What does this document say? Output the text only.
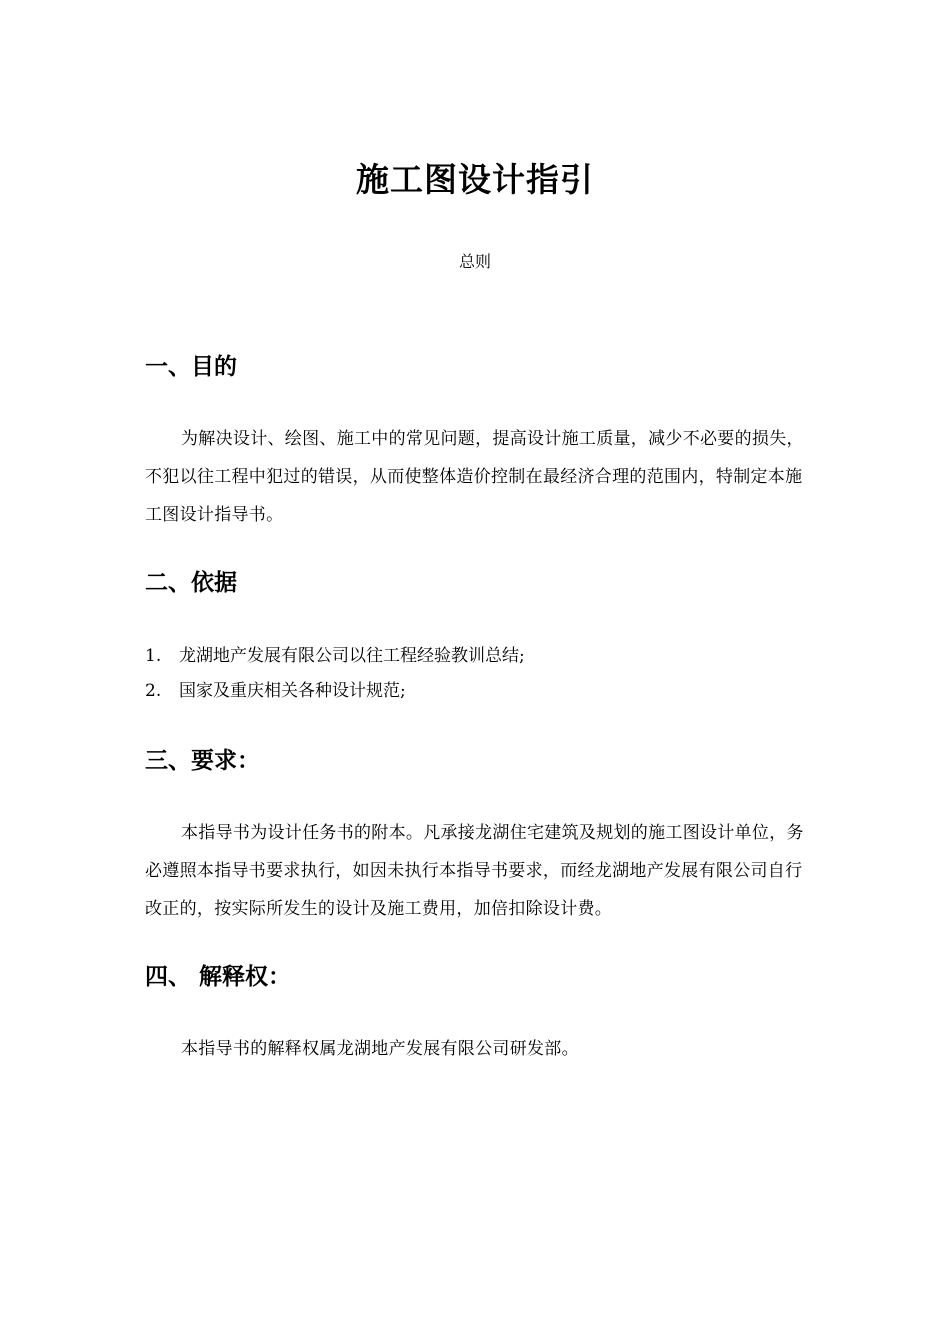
施工图设计指引
总则
一、目的
为解决设计、绘图、施工中的常见问题，提高设计施工质量，减少不必要的损失，不犯以往工程中犯过的错误，从而使整体造价控制在最经济合理的范围内，特制定本施工图设计指导书。
二、依据
1. 龙湖地产发展有限公司以往工程经验教训总结;
2. 国家及重庆相关各种设计规范;
三、要求：
本指导书为设计任务书的附本。凡承接龙湖住宅建筑及规划的施工图设计单位，务必遵照本指导书要求执行，如因未执行本指导书要求，而经龙湖地产发展有限公司自行改正的，按实际所发生的设计及施工费用，加倍扣除设计费。
四、 解释权：
本指导书的解释权属龙湖地产发展有限公司研发部。
